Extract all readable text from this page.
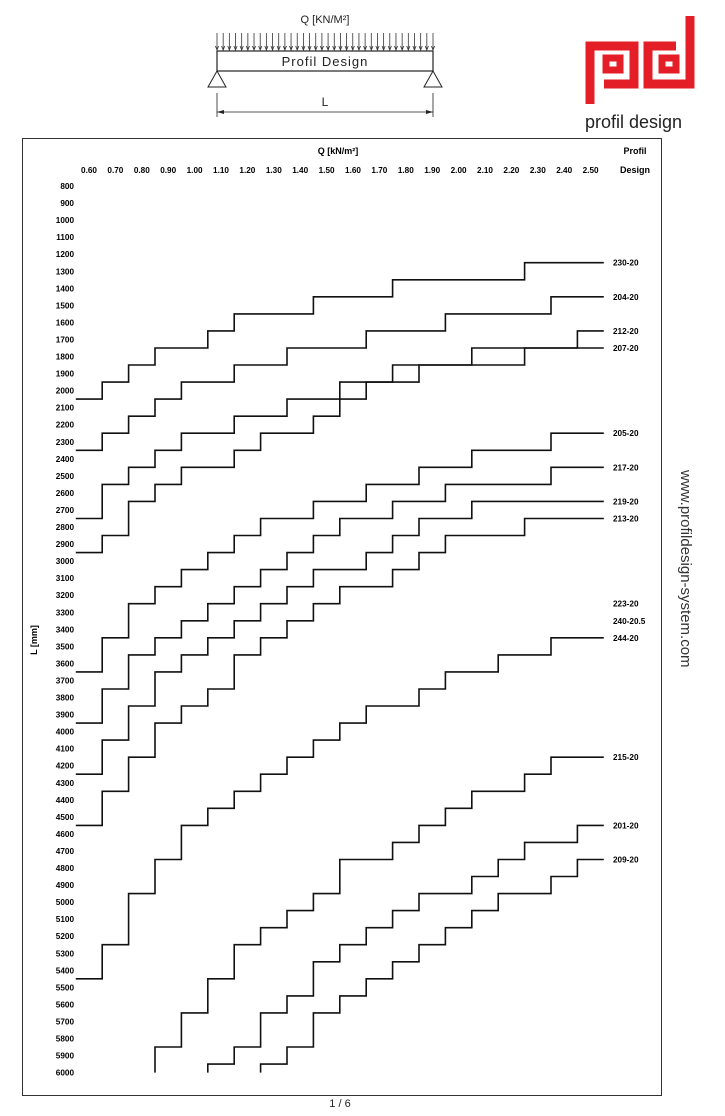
Q [KN/M²]
Profil Design
L
profil design
Q [kN/m²]
L [mm]
Profil
Design
0.60 0.70 0.80 0.90 1.00 1.10 1.20 1.30 1.40 1.50 1.60 1.70 1.80 1.90 2.00 2.10 2.20 2.30 2.40 2.50
800
900
1000
1100
1200
1300
1400
1500
1600
1700
1800
1900
2000
2100
2200
2300
2400
2500
2600
2700
2800
2900
3000
3100
3200
3300
3400
3500
3600
3700
3800
3900
4000
4100
4200
4300
4400
4500
4600
4700
4800
4900
5000
5100
5200
5300
5400
5500
5600
5700
5800
5900
6000
230-20
204-20
212-20
207-20
205-20
217-20
219-20
213-20
223-20
240-20.5
244-20
215-20
201-20
209-20
www.profildesign-system.com
1 / 6
